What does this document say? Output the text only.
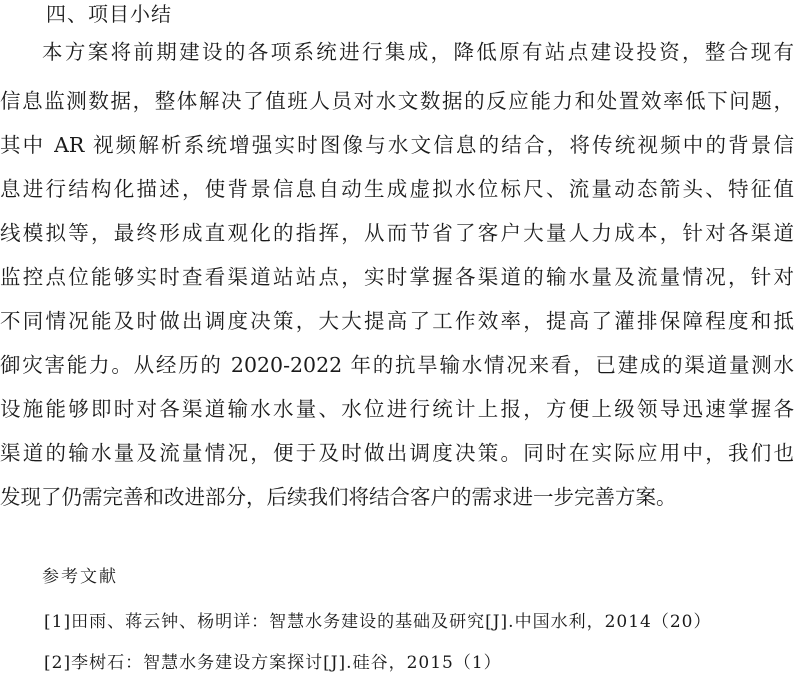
四、项目小结
本方案将前期建设的各项系统进行集成，降低原有站点建设投资，整合现有
信息监测数据，整体解决了值班人员对水文数据的反应能力和处置效率低下问题，
其中 AR 视频解析系统增强实时图像与水文信息的结合，将传统视频中的背景信
息进行结构化描述，使背景信息自动生成虚拟水位标尺、流量动态箭头、特征值
线模拟等，最终形成直观化的指挥，从而节省了客户大量人力成本，针对各渠道
监控点位能够实时查看渠道站站点，实时掌握各渠道的输水量及流量情况，针对
不同情况能及时做出调度决策，大大提高了工作效率，提高了灌排保障程度和抵
御灾害能力。从经历的 2020-2022 年的抗旱输水情况来看，已建成的渠道量测水
设施能够即时对各渠道输水水量、水位进行统计上报，方便上级领导迅速掌握各
渠道的输水量及流量情况，便于及时做出调度决策。同时在实际应用中，我们也
发现了仍需完善和改进部分，后续我们将结合客户的需求进一步完善方案。
参考文献
[1]田雨、蒋云钟、杨明详：智慧水务建设的基础及研究[J].中国水利，2014（20）
[2]李树石：智慧水务建设方案探讨[J].硅谷，2015（1）
